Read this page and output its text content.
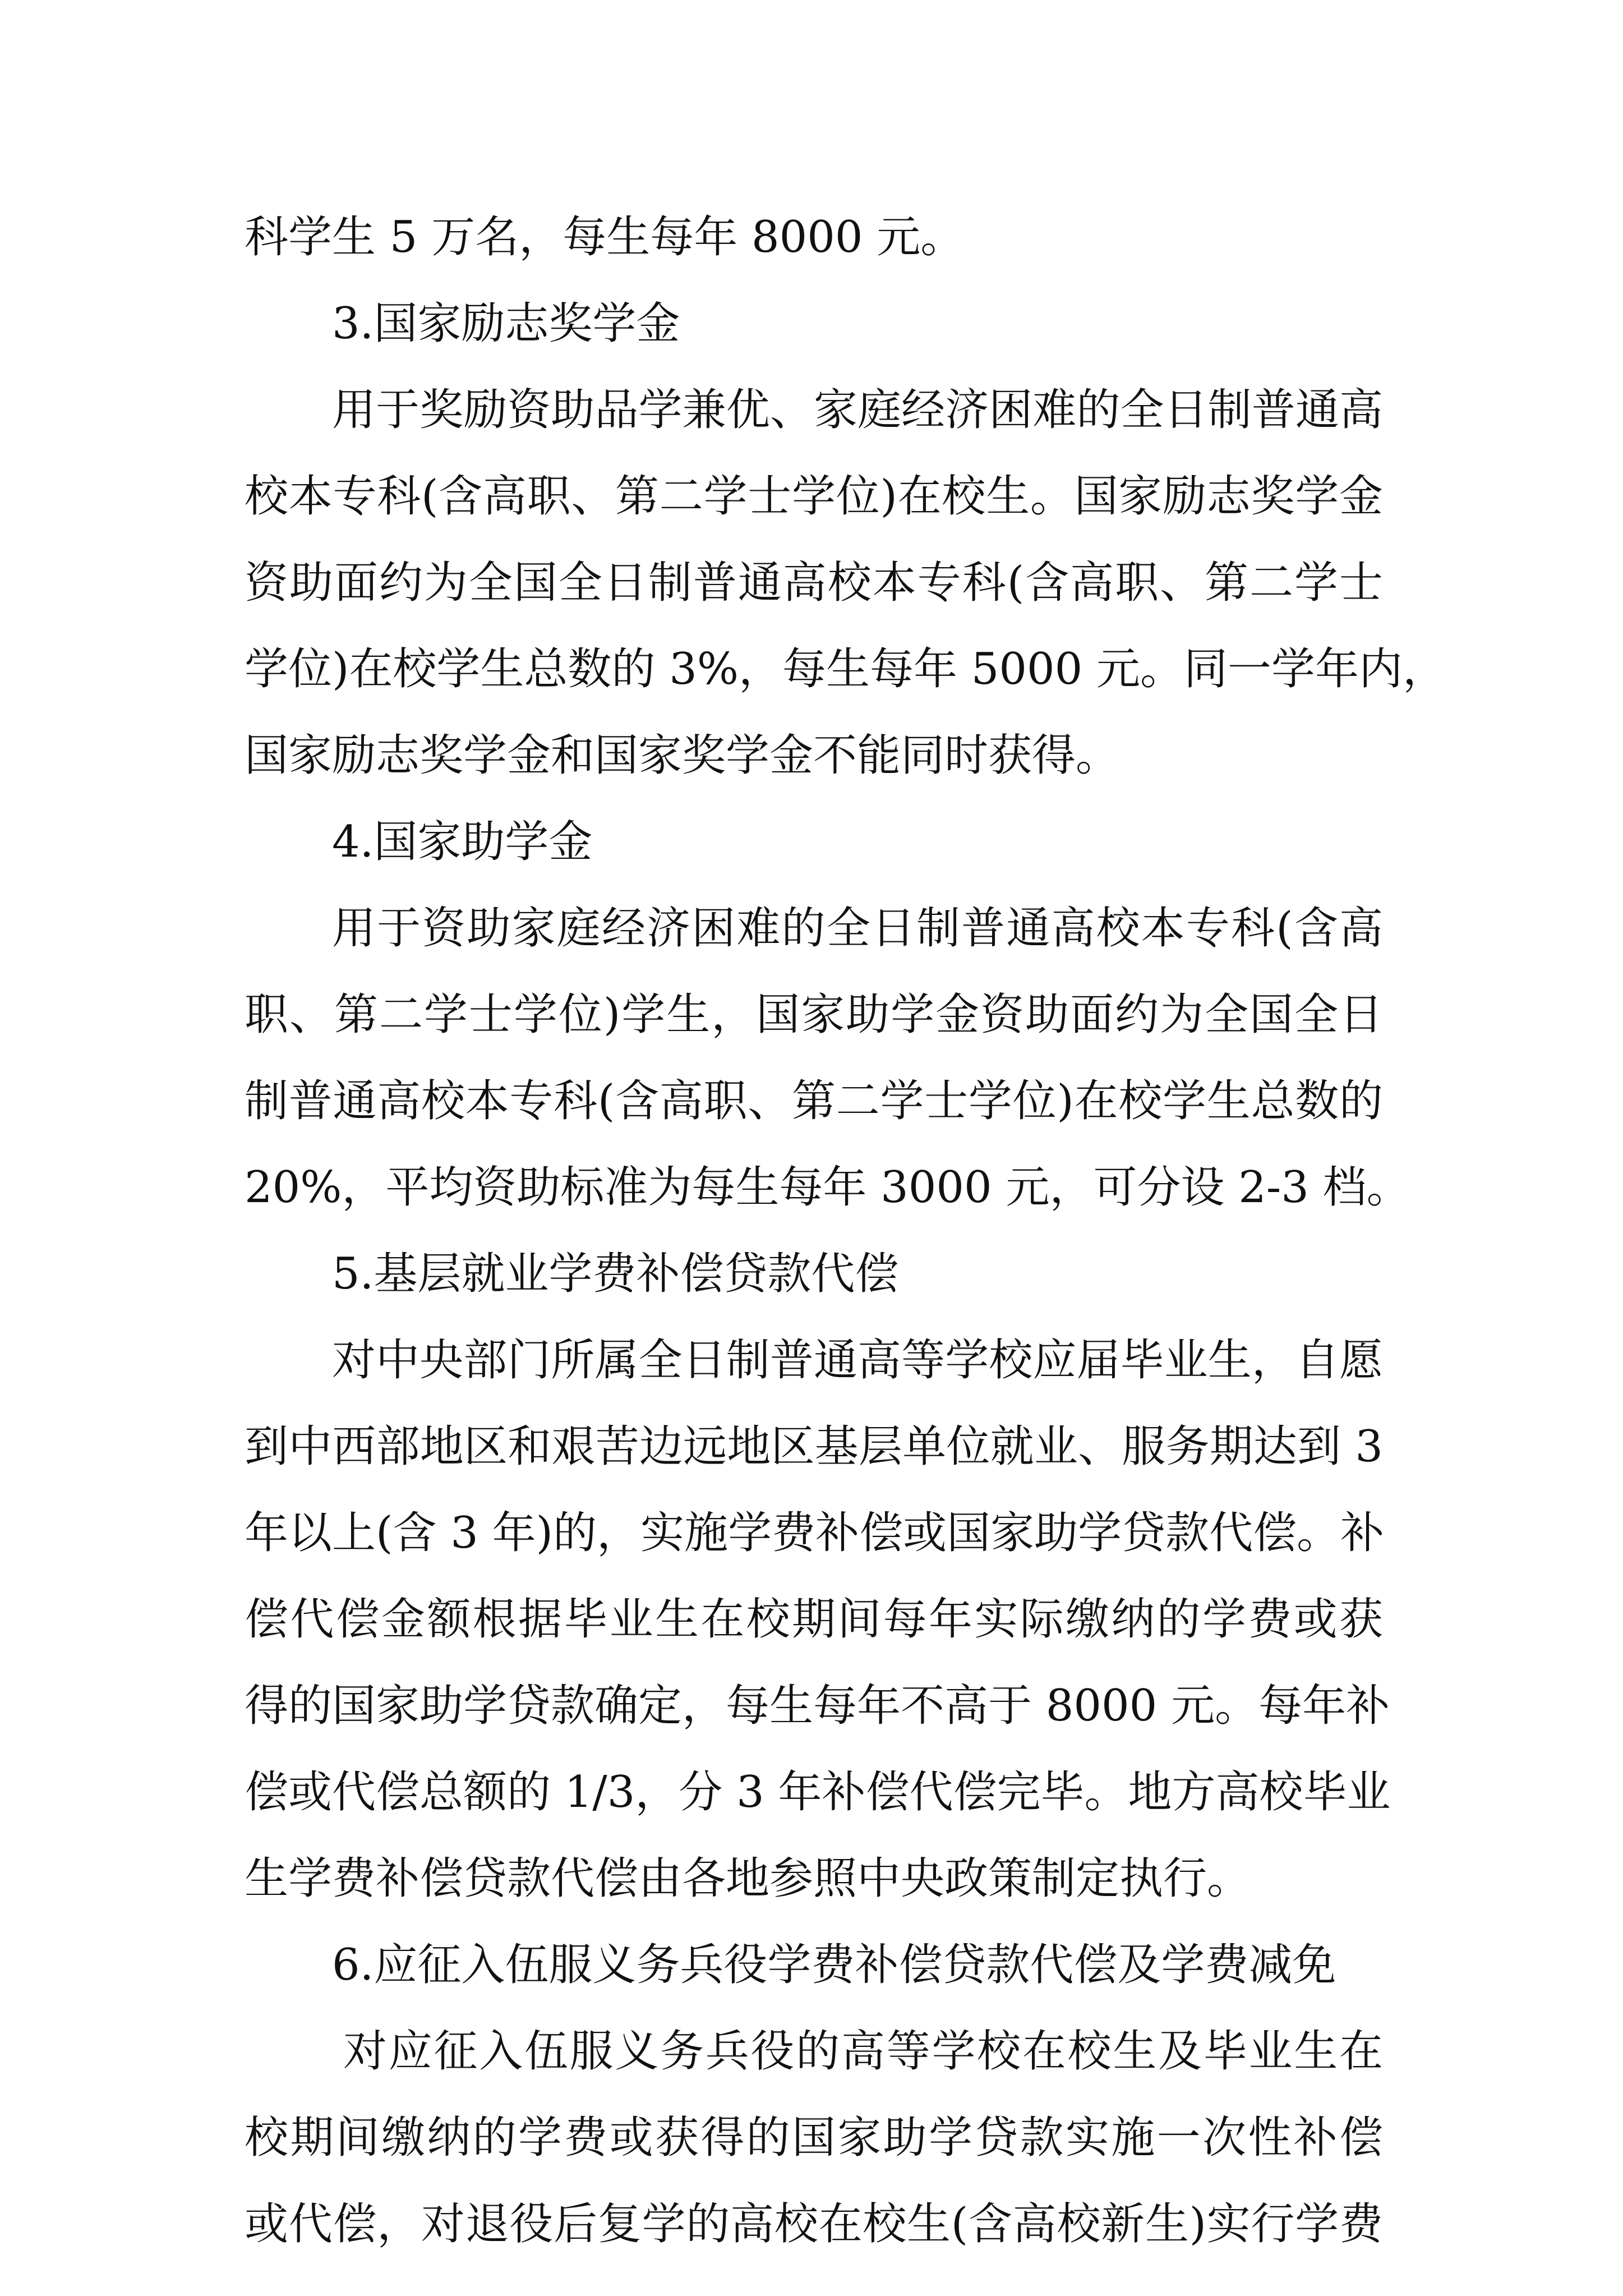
科学生 5 万名，每生每年 8000 元。
3.国家励志奖学金
用于奖励资助品学兼优、家庭经济困难的全日制普通高
校本专科(含高职、第二学士学位)在校生。国家励志奖学金
资助面约为全国全日制普通高校本专科(含高职、第二学士
学位)在校学生总数的 3%，每生每年 5000 元。同一学年内，
国家励志奖学金和国家奖学金不能同时获得。
4.国家助学金
用于资助家庭经济困难的全日制普通高校本专科(含高
职、第二学士学位)学生，国家助学金资助面约为全国全日
制普通高校本专科(含高职、第二学士学位)在校学生总数的
20%，平均资助标准为每生每年 3000 元，可分设 2-3 档。
5.基层就业学费补偿贷款代偿
对中央部门所属全日制普通高等学校应届毕业生，自愿
到中西部地区和艰苦边远地区基层单位就业、服务期达到 3
年以上(含 3 年)的，实施学费补偿或国家助学贷款代偿。补
偿代偿金额根据毕业生在校期间每年实际缴纳的学费或获
得的国家助学贷款确定，每生每年不高于 8000 元。每年补
偿或代偿总额的 1/3，分 3 年补偿代偿完毕。地方高校毕业
生学费补偿贷款代偿由各地参照中央政策制定执行。
6.应征入伍服义务兵役学费补偿贷款代偿及学费减免
对应征入伍服义务兵役的高等学校在校生及毕业生在
校期间缴纳的学费或获得的国家助学贷款实施一次性补偿
或代偿，对退役后复学的高校在校生(含高校新生)实行学费
